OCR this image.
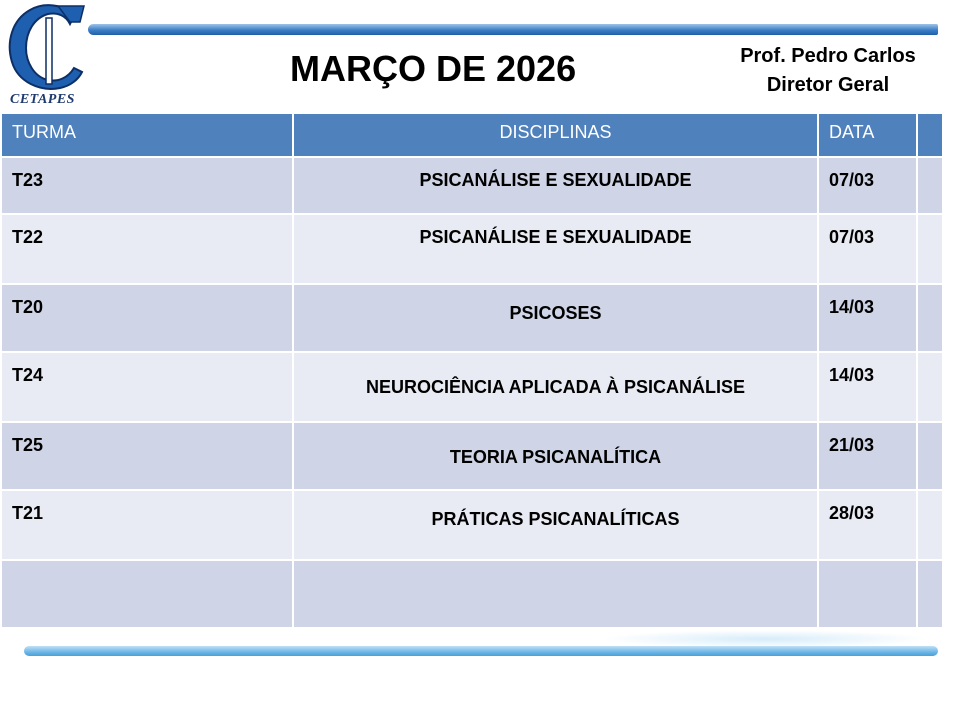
CETAPES
MARÇO DE 2026	Prof. Pedro Carlos
Diretor Geral
TURMA	DISCIPLINAS	DATA	
T23	PSICANÁLISE E SEXUALIDADE	07/03	
T22	PSICANÁLISE E SEXUALIDADE	07/03	
T20	PSICOSES	14/03	
T24	NEUROCIÊNCIA APLICADA À PSICANÁLISE	14/03	
T25	TEORIA PSICANALÍTICA	21/03	
T21	PRÁTICAS PSICANALÍTICAS	28/03	
